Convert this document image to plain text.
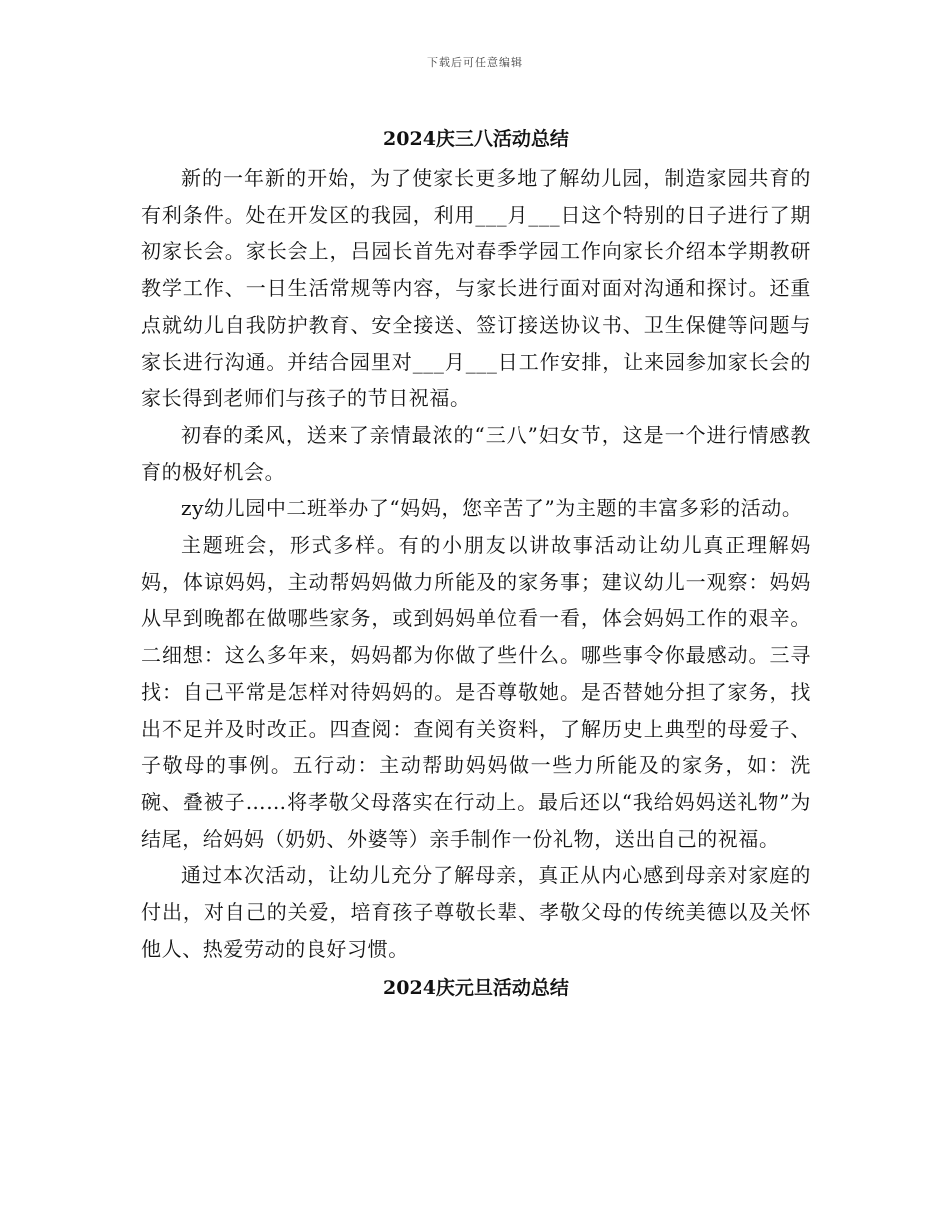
下载后可任意编辑
2024庆三八活动总结

新的一年新的开始，为了使家长更多地了解幼儿园，制造家园共育的有利条件。处在开发区的我园，利用___月___日这个特别的日子进行了期初家长会。家长会上，吕园长首先对春季学园工作向家长介绍本学期教研教学工作、一日生活常规等内容，与家长进行面对面对沟通和探讨。还重点就幼儿自我防护教育、安全接送、签订接送协议书、卫生保健等问题与家长进行沟通。并结合园里对___月___日工作安排，让来园参加家长会的家长得到老师们与孩子的节日祝福。

初春的柔风，送来了亲情最浓的“三八”妇女节，这是一个进行情感教育的极好机会。

zy幼儿园中二班举办了“妈妈，您辛苦了”为主题的丰富多彩的活动。

主题班会，形式多样。有的小朋友以讲故事活动让幼儿真正理解妈妈，体谅妈妈，主动帮妈妈做力所能及的家务事；建议幼儿一观察：妈妈从早到晚都在做哪些家务，或到妈妈单位看一看，体会妈妈工作的艰辛。二细想：这么多年来，妈妈都为你做了些什么。哪些事令你最感动。三寻找：自己平常是怎样对待妈妈的。是否尊敬她。是否替她分担了家务，找出不足并及时改正。四查阅：查阅有关资料，了解历史上典型的母爱子、子敬母的事例。五行动：主动帮助妈妈做一些力所能及的家务，如：洗碗、叠被子……将孝敬父母落实在行动上。最后还以“我给妈妈送礼物”为结尾，给妈妈（奶奶、外婆等）亲手制作一份礼物，送出自己的祝福。

通过本次活动，让幼儿充分了解母亲，真正从内心感到母亲对家庭的付出，对自己的关爱，培育孩子尊敬长辈、孝敬父母的传统美德以及关怀他人、热爱劳动的良好习惯。

2024庆元旦活动总结
